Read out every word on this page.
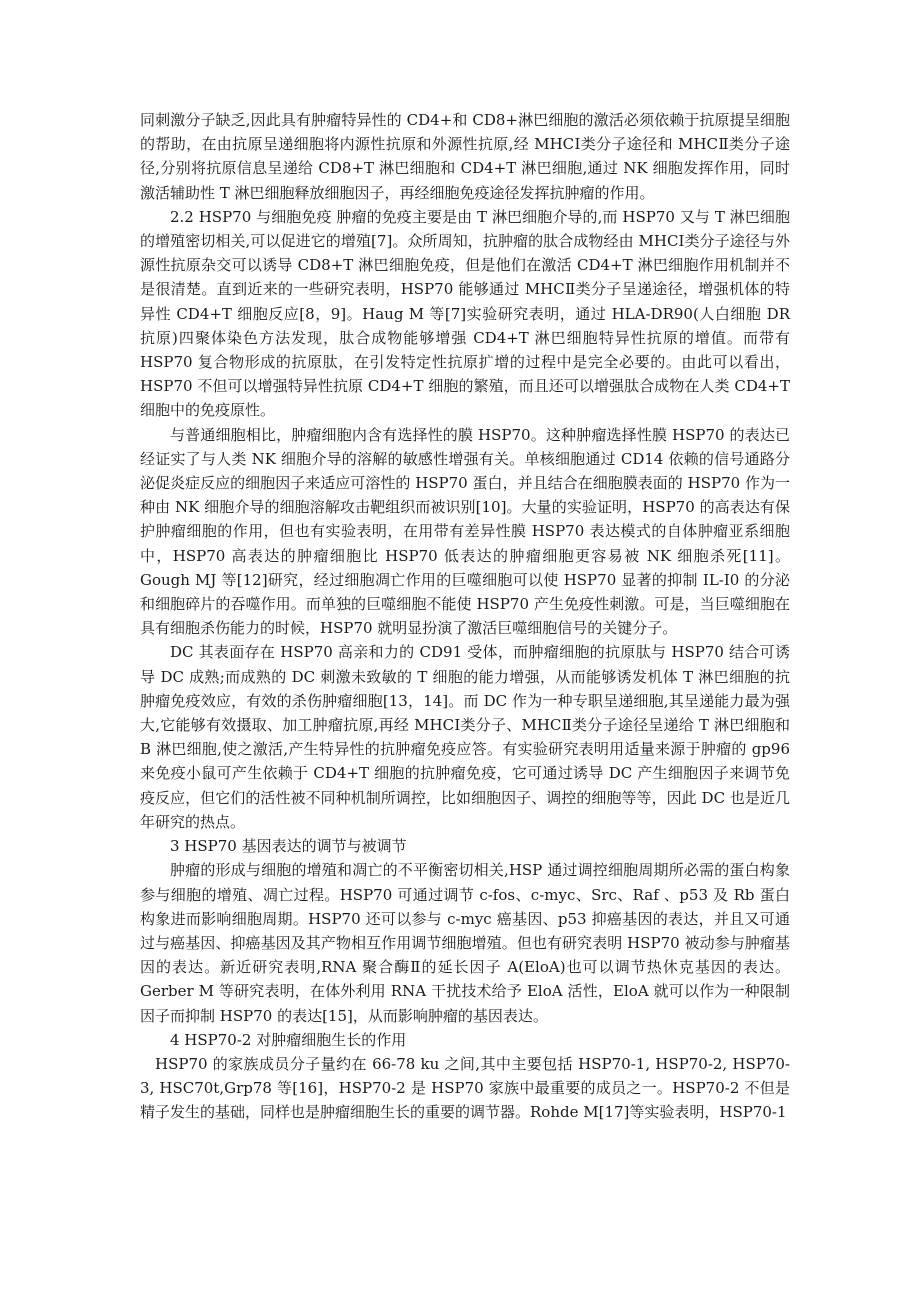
同刺激分子缺乏,因此具有肿瘤特异性的 CD4+和 CD8+淋巴细胞的激活必须依赖于抗原提呈细胞的帮助，在由抗原呈递细胞将内源性抗原和外源性抗原,经 MHCⅠ类分子途径和 MHCⅡ类分子途径,分别将抗原信息呈递给 CD8+T 淋巴细胞和 CD4+T 淋巴细胞,通过 NK 细胞发挥作用，同时激活辅助性 T 淋巴细胞释放细胞因子，再经细胞免疫途径发挥抗肿瘤的作用。

2.2 HSP70 与细胞免疫 肿瘤的免疫主要是由 T 淋巴细胞介导的,而 HSP70 又与 T 淋巴细胞的增殖密切相关,可以促进它的增殖[7]。众所周知，抗肿瘤的肽合成物经由 MHCⅠ类分子途径与外源性抗原杂交可以诱导 CD8+T 淋巴细胞免疫，但是他们在激活 CD4+T 淋巴细胞作用机制并不是很清楚。直到近来的一些研究表明，HSP70 能够通过 MHCⅡ类分子呈递途径，增强机体的特异性 CD4+T 细胞反应[8，9]。Haug M 等[7]实验研究表明，通过 HLA-DR90(人白细胞 DR 抗原)四聚体染色方法发现，肽合成物能够增强 CD4+T 淋巴细胞特异性抗原的增值。而带有 HSP70 复合物形成的抗原肽，在引发特定性抗原扩增的过程中是完全必要的。由此可以看出，HSP70 不但可以增强特异性抗原 CD4+T 细胞的繁殖，而且还可以增强肽合成物在人类 CD4+T 细胞中的免疫原性。

与普通细胞相比，肿瘤细胞内含有选择性的膜 HSP70。这种肿瘤选择性膜 HSP70 的表达已经证实了与人类 NK 细胞介导的溶解的敏感性增强有关。单核细胞通过 CD14 依赖的信号通路分泌促炎症反应的细胞因子来适应可溶性的 HSP70 蛋白，并且结合在细胞膜表面的 HSP70 作为一种由 NK 细胞介导的细胞溶解攻击靶组织而被识别[10]。大量的实验证明，HSP70 的高表达有保护肿瘤细胞的作用，但也有实验表明，在用带有差异性膜 HSP70 表达模式的自体肿瘤亚系细胞中，HSP70 高表达的肿瘤细胞比 HSP70 低表达的肿瘤细胞更容易被 NK 细胞杀死[11]。Gough MJ 等[12]研究，经过细胞凋亡作用的巨噬细胞可以使 HSP70 显著的抑制 IL-I0 的分泌和细胞碎片的吞噬作用。而单独的巨噬细胞不能使 HSP70 产生免疫性刺激。可是，当巨噬细胞在具有细胞杀伤能力的时候，HSP70 就明显扮演了激活巨噬细胞信号的关键分子。

DC 其表面存在 HSP70 高亲和力的 CD91 受体，而肿瘤细胞的抗原肽与 HSP70 结合可诱导 DC 成熟;而成熟的 DC 刺激未致敏的 T 细胞的能力增强，从而能够诱发机体 T 淋巴细胞的抗肿瘤免疫效应，有效的杀伤肿瘤细胞[13，14]。而 DC 作为一种专职呈递细胞,其呈递能力最为强大,它能够有效摄取、加工肿瘤抗原,再经 MHCⅠ类分子、MHCⅡ类分子途径呈递给 T 淋巴细胞和 B 淋巴细胞,使之激活,产生特异性的抗肿瘤免疫应答。有实验研究表明用适量来源于肿瘤的 gp96 来免疫小鼠可产生依赖于 CD4+T 细胞的抗肿瘤免疫，它可通过诱导 DC 产生细胞因子来调节免疫反应，但它们的活性被不同种机制所调控，比如细胞因子、调控的细胞等等，因此 DC 也是近几年研究的热点。

3 HSP70 基因表达的调节与被调节

肿瘤的形成与细胞的增殖和凋亡的不平衡密切相关,HSP 通过调控细胞周期所必需的蛋白构象参与细胞的增殖、凋亡过程。HSP70 可通过调节 c-fos、c-myc、Src、Raf 、p53 及 Rb 蛋白构象进而影响细胞周期。HSP70 还可以参与 c-myc 癌基因、p53 抑癌基因的表达，并且又可通过与癌基因、抑癌基因及其产物相互作用调节细胞增殖。但也有研究表明 HSP70 被动参与肿瘤基因的表达。新近研究表明,RNA 聚合酶Ⅱ的延长因子 A(EloA)也可以调节热休克基因的表达。Gerber M 等研究表明，在体外利用 RNA 干扰技术给予 EloA 活性，EloA 就可以作为一种限制因子而抑制 HSP70 的表达[15]，从而影响肿瘤的基因表达。

4 HSP70-2 对肿瘤细胞生长的作用

HSP70 的家族成员分子量约在 66-78 ku 之间,其中主要包括 HSP70-1, HSP70-2, HSP70-3, HSC70t,Grp78 等[16]，HSP70-2 是 HSP70 家族中最重要的成员之一。HSP70-2 不但是精子发生的基础，同样也是肿瘤细胞生长的重要的调节器。Rohde M[17]等实验表明，HSP70-1
